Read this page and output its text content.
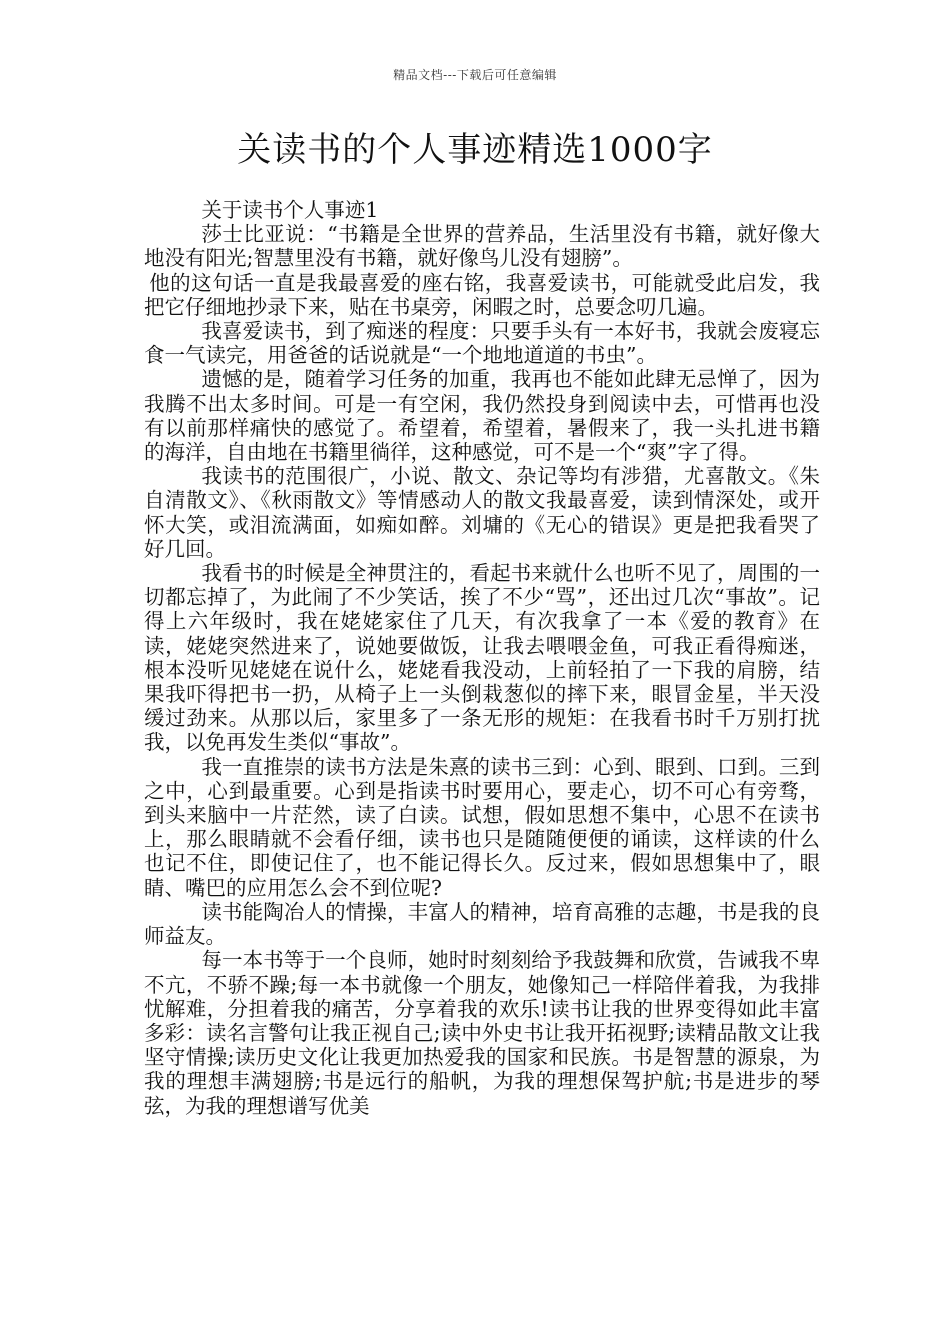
精品文档---下载后可任意编辑
关读书的个人事迹精选1000字

关于读书个人事迹1

莎士比亚说：“书籍是全世界的营养品，生活里没有书籍，就好像大地没有阳光;智慧里没有书籍，就好像鸟儿没有翅膀”。

他的这句话一直是我最喜爱的座右铭，我喜爱读书，可能就受此启发，我把它仔细地抄录下来，贴在书桌旁，闲暇之时，总要念叨几遍。

我喜爱读书，到了痴迷的程度：只要手头有一本好书，我就会废寝忘食一气读完，用爸爸的话说就是“一个地地道道的书虫”。

遗憾的是，随着学习任务的加重，我再也不能如此肆无忌惮了，因为我腾不出太多时间。可是一有空闲，我仍然投身到阅读中去，可惜再也没有以前那样痛快的感觉了。希望着，希望着，暑假来了，我一头扎进书籍的海洋，自由地在书籍里徜徉，这种感觉，可不是一个“爽”字了得。

我读书的范围很广，小说、散文、杂记等均有涉猎，尤喜散文。《朱自清散文》、《秋雨散文》等情感动人的散文我最喜爱，读到情深处，或开怀大笑，或泪流满面，如痴如醉。刘墉的《无心的错误》更是把我看哭了好几回。

我看书的时候是全神贯注的，看起书来就什么也听不见了，周围的一切都忘掉了，为此闹了不少笑话，挨了不少“骂”，还出过几次“事故”。记得上六年级时，我在姥姥家住了几天，有次我拿了一本《爱的教育》在读，姥姥突然进来了，说她要做饭，让我去喂喂金鱼，可我正看得痴迷，根本没听见姥姥在说什么，姥姥看我没动，上前轻拍了一下我的肩膀，结果我吓得把书一扔，从椅子上一头倒栽葱似的摔下来，眼冒金星，半天没缓过劲来。从那以后，家里多了一条无形的规矩：在我看书时千万别打扰我，以免再发生类似“事故”。

我一直推崇的读书方法是朱熹的读书三到：心到、眼到、口到。三到之中，心到最重要。心到是指读书时要用心，要走心，切不可心有旁骛，到头来脑中一片茫然，读了白读。试想，假如思想不集中，心思不在读书上，那么眼睛就不会看仔细，读书也只是随随便便的诵读，这样读的什么也记不住，即使记住了，也不能记得长久。反过来，假如思想集中了，眼睛、嘴巴的应用怎么会不到位呢?

读书能陶冶人的情操，丰富人的精神，培育高雅的志趣，书是我的良师益友。

每一本书等于一个良师，她时时刻刻给予我鼓舞和欣赏，告诫我不卑不亢，不骄不躁;每一本书就像一个朋友，她像知己一样陪伴着我，为我排忧解难，分担着我的痛苦，分享着我的欢乐!读书让我的世界变得如此丰富多彩：读名言警句让我正视自己;读中外史书让我开拓视野;读精品散文让我坚守情操;读历史文化让我更加热爱我的国家和民族。书是智慧的源泉，为我的理想丰满翅膀;书是远行的船帆，为我的理想保驾护航;书是进步的琴弦，为我的理想谱写优美
